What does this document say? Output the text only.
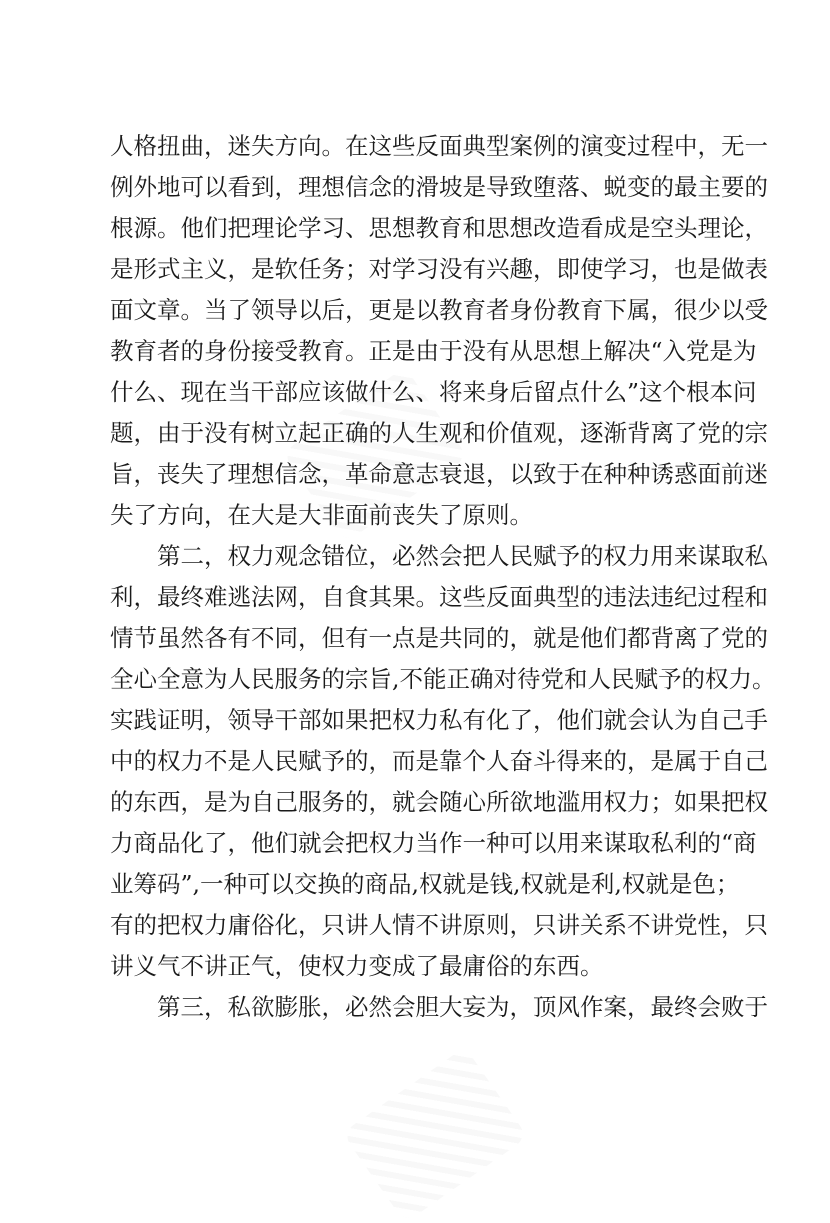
人格扭曲，迷失方向。在这些反面典型案例的演变过程中，无一
例外地可以看到，理想信念的滑坡是导致堕落、蜕变的最主要的
根源。他们把理论学习、思想教育和思想改造看成是空头理论，
是形式主义，是软任务；对学习没有兴趣，即使学习，也是做表
面文章。当了领导以后，更是以教育者身份教育下属，很少以受
教育者的身份接受教育。正是由于没有从思想上解决“入党是为
什么、现在当干部应该做什么、将来身后留点什么”这个根本问
题，由于没有树立起正确的人生观和价值观，逐渐背离了党的宗
旨，丧失了理想信念，革命意志衰退，以致于在种种诱惑面前迷
失了方向，在大是大非面前丧失了原则。
第二，权力观念错位，必然会把人民赋予的权力用来谋取私
利，最终难逃法网，自食其果。这些反面典型的违法违纪过程和
情节虽然各有不同，但有一点是共同的，就是他们都背离了党的
全心全意为人民服务的宗旨,不能正确对待党和人民赋予的权力。
实践证明，领导干部如果把权力私有化了，他们就会认为自己手
中的权力不是人民赋予的，而是靠个人奋斗得来的，是属于自己
的东西，是为自己服务的，就会随心所欲地滥用权力；如果把权
力商品化了，他们就会把权力当作一种可以用来谋取私利的“商
业筹码”,一种可以交换的商品,权就是钱,权就是利,权就是色；
有的把权力庸俗化，只讲人情不讲原则，只讲关系不讲党性，只
讲义气不讲正气，使权力变成了最庸俗的东西。
第三，私欲膨胀，必然会胆大妄为，顶风作案，最终会败于
